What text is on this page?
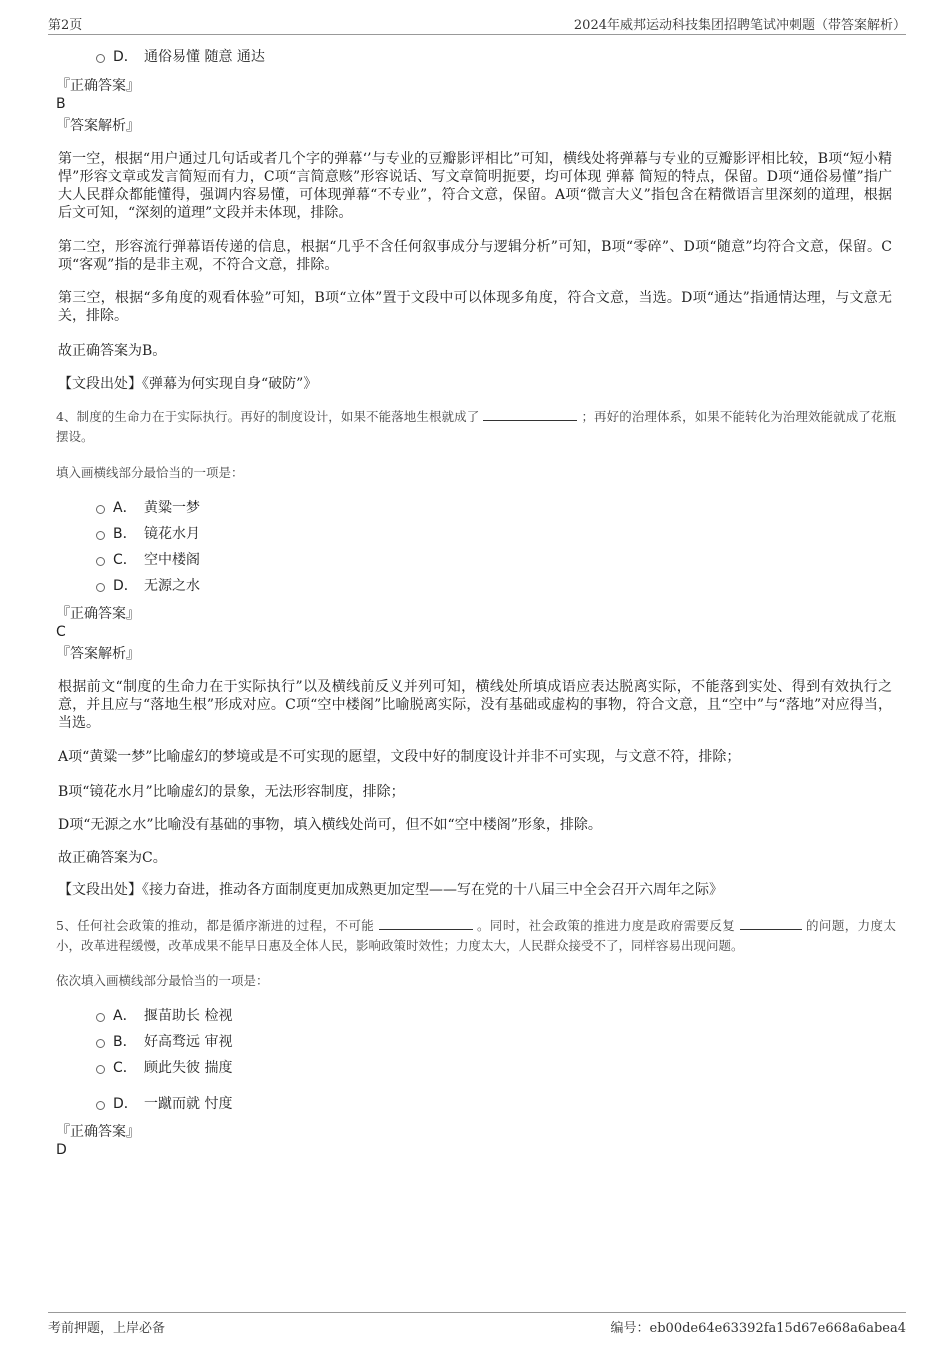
第2页	2024年威邦运动科技集团招聘笔试冲刺题（带答案解析）
D． 通俗易懂 随意 通达
『正确答案』
B
『答案解析』
第一空，根据“用户通过几句话或者几个字的弹幕‘’与专业的豆瓣影评相比”可知，横线处将弹幕与专业的豆瓣影评相比较，B项“短小精悍”形容文章或发言简短而有力，C项“言简意赅”形容说话、写文章简明扼要，均可体现 弹幕 简短的特点，保留。D项“通俗易懂”指广大人民群众都能懂得，强调内容易懂，可体现弹幕“不专业”，符合文意，保留。A项“微言大义”指包含在精微语言里深刻的道理，根据后文可知，“深刻的道理”文段并未体现，排除。
第二空，形容流行弹幕语传递的信息，根据“几乎不含任何叙事成分与逻辑分析”可知，B项“零碎”、D项“随意”均符合文意，保留。C项“客观”指的是非主观，不符合文意，排除。
第三空，根据“多角度的观看体验”可知，B项“立体”置于文段中可以体现多角度，符合文意，当选。D项“通达”指通情达理，与文意无关，排除。
故正确答案为B。
【文段出处】《弹幕为何实现自身“破防”》
4、制度的生命力在于实际执行。再好的制度设计，如果不能落地生根就成了	；再好的治理体系，如果不能转化为治理效能就成了花瓶摆设。
填入画横线部分最恰当的一项是：
A． 黄粱一梦
B． 镜花水月
C． 空中楼阁
D． 无源之水
『正确答案』
C
『答案解析』
根据前文“制度的生命力在于实际执行”以及横线前反义并列可知，横线处所填成语应表达脱离实际，不能落到实处、得到有效执行之意，并且应与“落地生根”形成对应。C项“空中楼阁”比喻脱离实际，没有基础或虚构的事物，符合文意，且“空中”与“落地”对应得当，当选。
A项“黄粱一梦”比喻虚幻的梦境或是不可实现的愿望，文段中好的制度设计并非不可实现，与文意不符，排除；
B项“镜花水月”比喻虚幻的景象，无法形容制度，排除；
D项“无源之水”比喻没有基础的事物，填入横线处尚可，但不如“空中楼阁”形象，排除。
故正确答案为C。
【文段出处】《接力奋进，推动各方面制度更加成熟更加定型——写在党的十八届三中全会召开六周年之际》
5、任何社会政策的推动，都是循序渐进的过程，不可能	。同时，社会政策的推进力度是政府需要反复	的问题，力度太小，改革进程缓慢，改革成果不能早日惠及全体人民，影响政策时效性；力度太大，人民群众接受不了，同样容易出现问题。
依次填入画横线部分最恰当的一项是：
A． 揠苗助长 检视
B． 好高骛远 审视
C． 顾此失彼 揣度
D． 一蹴而就 忖度
『正确答案』
D
考前押题，上岸必备	编号：eb00de64e63392fa15d67e668a6abea4
